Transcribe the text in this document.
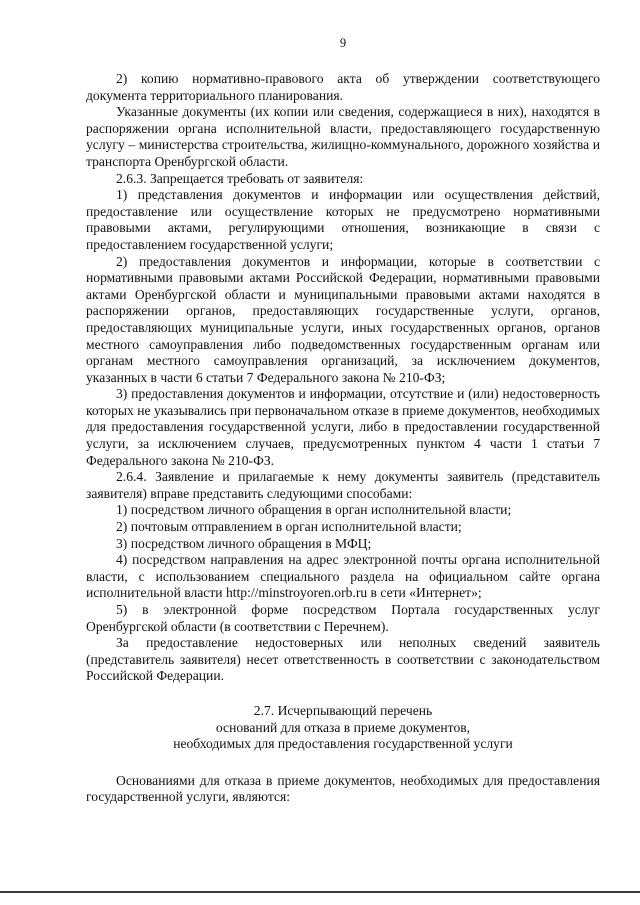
9

2) копию нормативно-правового акта об утверждении соответствующего документа территориального планирования.

Указанные документы (их копии или сведения, содержащиеся в них), находятся в распоряжении органа исполнительной власти, предоставляющего государственную услугу – министерства строительства, жилищно-коммунального, дорожного хозяйства и транспорта Оренбургской области.

2.6.3. Запрещается требовать от заявителя:

1) представления документов и информации или осуществления действий, предоставление или осуществление которых не предусмотрено нормативными правовыми актами, регулирующими отношения, возникающие в связи с предоставлением государственной услуги;

2) предоставления документов и информации, которые в соответствии с нормативными правовыми актами Российской Федерации, нормативными правовыми актами Оренбургской области и муниципальными правовыми актами находятся в распоряжении органов, предоставляющих государственные услуги, органов, предоставляющих муниципальные услуги, иных государственных органов, органов местного самоуправления либо подведомственных государственным органам или органам местного самоуправления организаций, за исключением документов, указанных в части 6 статьи 7 Федерального закона № 210-ФЗ;

3) предоставления документов и информации, отсутствие и (или) недостоверность которых не указывались при первоначальном отказе в приеме документов, необходимых для предоставления государственной услуги, либо в предоставлении государственной услуги, за исключением случаев, предусмотренных пунктом 4 части 1 статьи 7 Федерального закона № 210-ФЗ.

2.6.4. Заявление и прилагаемые к нему документы заявитель (представитель заявителя) вправе представить следующими способами:

1) посредством личного обращения в орган исполнительной власти;

2) почтовым отправлением в орган исполнительной власти;

3) посредством личного обращения в МФЦ;

4) посредством направления на адрес электронной почты органа исполнительной власти, с использованием специального раздела на официальном сайте органа исполнительной власти http://minstroyoren.orb.ru в сети «Интернет»;

5) в электронной форме посредством Портала государственных услуг Оренбургской области (в соответствии с Перечнем).

За предоставление недостоверных или неполных сведений заявитель (представитель заявителя) несет ответственность в соответствии с законодательством Российской Федерации.

2.7. Исчерпывающий перечень
оснований для отказа в приеме документов,
необходимых для предоставления государственной услуги

Основаниями для отказа в приеме документов, необходимых для предоставления государственной услуги, являются:
